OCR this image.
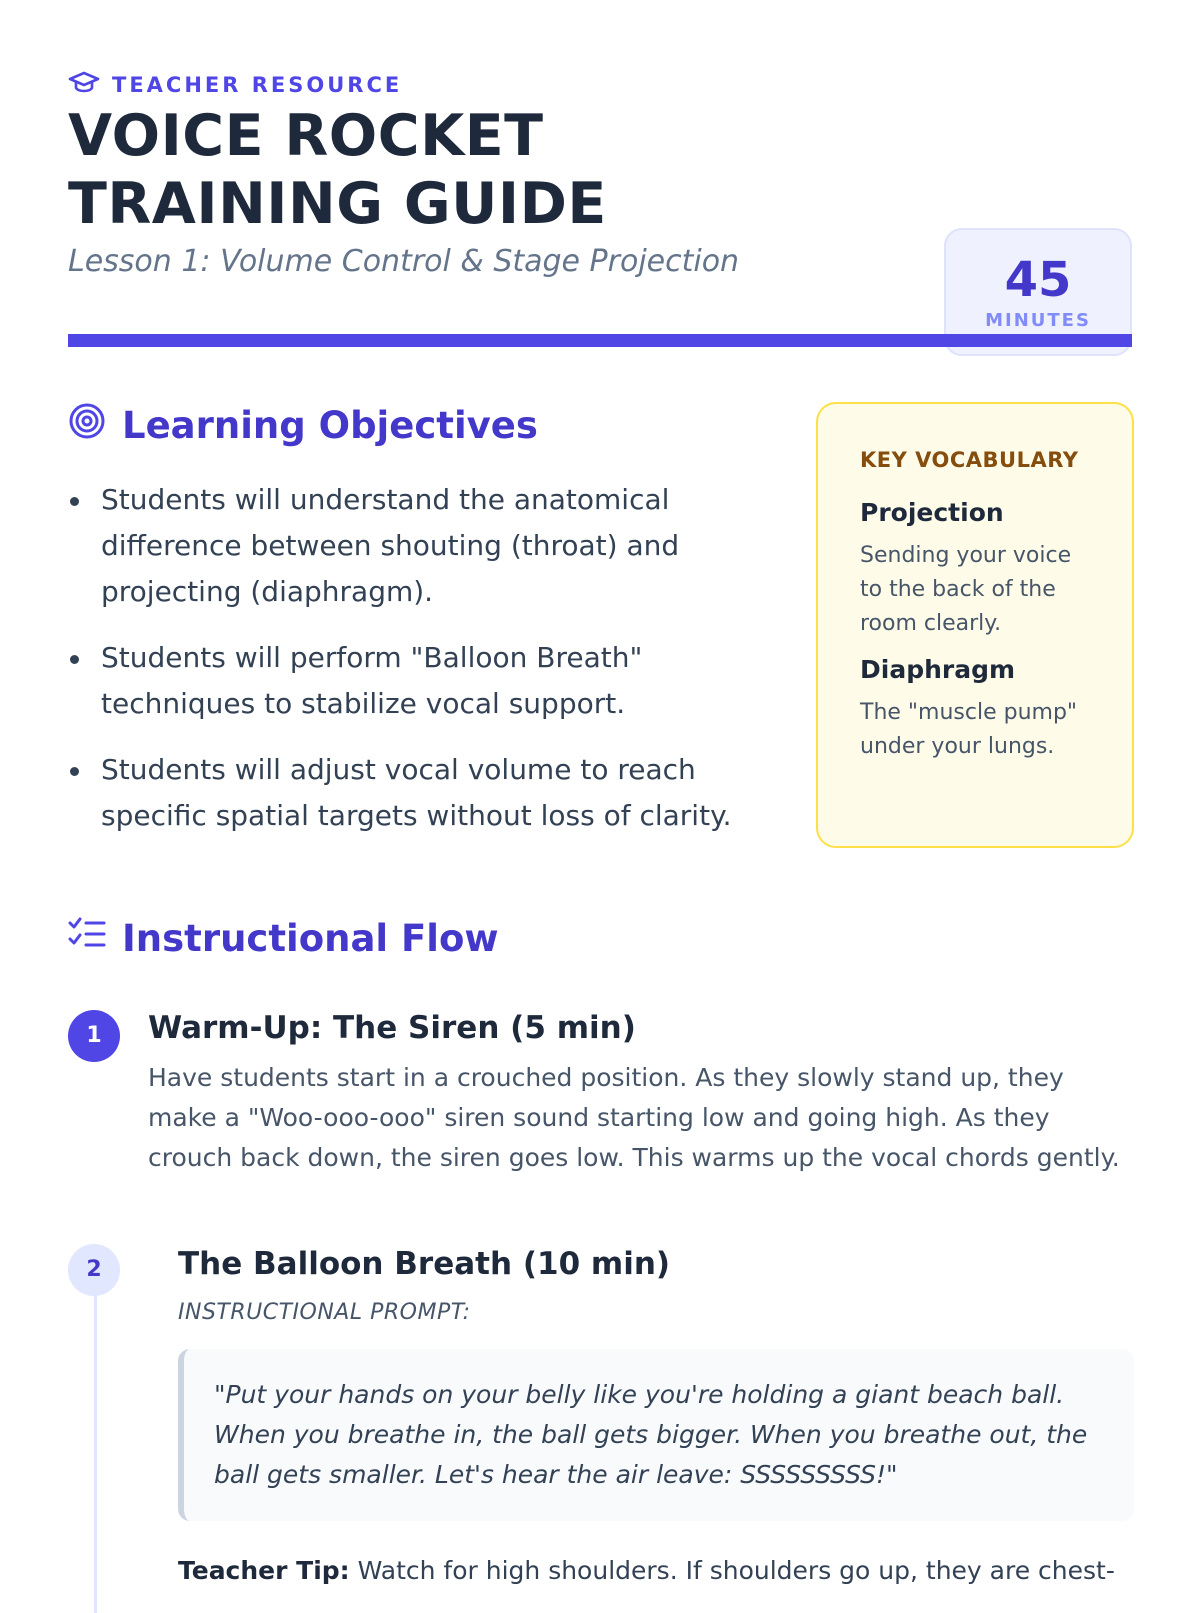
TEACHER RESOURCE
VOICE ROCKET TRAINING GUIDE

Lesson 1: Volume Control & Stage Projection	45
MINUTES
Learning Objectives
Students will understand the anatomical difference between shouting (throat) and projecting (diaphragm).
Students will perform "Balloon Breath" techniques to stabilize vocal support.
Students will adjust vocal volume to reach specific spatial targets without loss of clarity.
KEY VOCABULARY
Projection
Sending your voice to the back of the room clearly.
Diaphragm
The "muscle pump" under your lungs.
Instructional Flow
1	Warm-Up: The Siren (5 min)

Have students start in a crouched position. As they slowly stand up, they make a "Woo-ooo-ooo" siren sound starting low and going high. As they crouch back down, the siren goes low. This warms up the vocal chords gently.

2	The Balloon Breath (10 min)
INSTRUCTIONAL PROMPT:
"Put your hands on your belly like you're holding a giant beach ball. When you breathe in, the ball gets bigger. When you breathe out, the ball gets smaller. Let's hear the air leave: SSSSSSSSS!"
Teacher Tip: Watch for high shoulders. If shoulders go up, they are chest-
